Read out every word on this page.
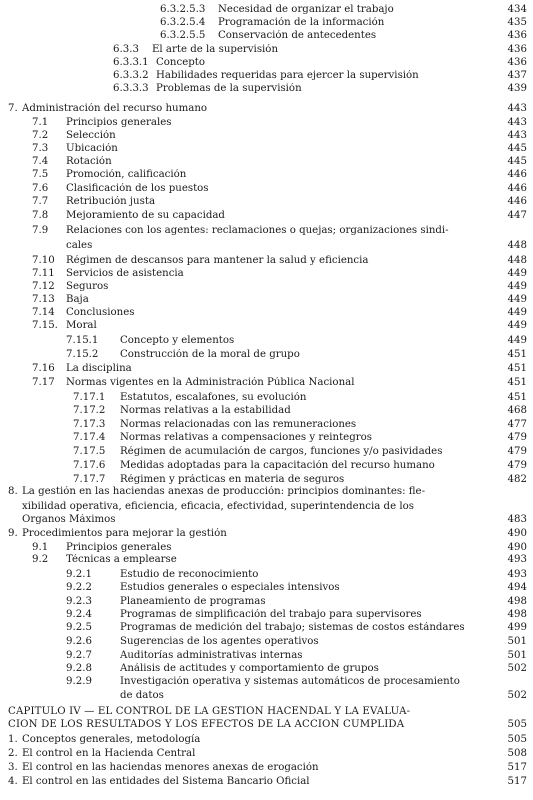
6.3.2.5.3 Necesidad de organizar el trabajo	434
6.3.2.5.4 Programación de la información	435
6.3.2.5.5 Conservación de antecedentes	436
6.3.3 El arte de la supervisión	436
6.3.3.1 Concepto	436
6.3.3.2 Habilidades requeridas para ejercer la supervisión	437
6.3.3.3 Problemas de la supervisión	439
7. Administración del recurso humano	443
7.1 Principios generales	443
7.2 Selección	443
7.3 Ubicación	445
7.4 Rotación	445
7.5 Promoción, calificación	446
7.6 Clasificación de los puestos	446
7.7 Retribución justa	446
7.8 Mejoramiento de su capacidad	447
7.9 Relaciones con los agentes: reclamaciones o quejas; organizaciones sindi-
cales	448
7.10 Régimen de descansos para mantener la salud y eficiencia	448
7.11 Servicios de asistencia	449
7.12 Seguros	449
7.13 Baja	449
7.14 Conclusiones	449
7.15. Moral	449
7.15.1 Concepto y elementos	449
7.15.2 Construcción de la moral de grupo	451
7.16 La disciplina	451
7.17 Normas vigentes en la Administración Pública Nacional	451
7.17.1 Estatutos, escalafones, su evolución	451
7.17.2 Normas relativas a la estabilidad	468
7.17.3 Normas relacionadas con las remuneraciones	477
7.17.4 Normas relativas a compensaciones y reintegros	479
7.17.5 Régimen de acumulación de cargos, funciones y/o pasividades	479
7.17.6 Medidas adoptadas para la capacitación del recurso humano	479
7.17.7 Régimen y prácticas en materia de seguros	482
8. La gestión en las haciendas anexas de producción: principios dominantes: fle-
xibilidad operativa, eficiencia, eficacia, efectividad, superintendencia de los
Organos Máximos	483
9. Procedimientos para mejorar la gestión	490
9.1 Principios generales	490
9.2 Técnicas a emplearse	493
9.2.1	Estudio de reconocimiento	493
9.2.2	Estudios generales o especiales intensivos	494
9.2.3	Planeamiento de programas	498
9.2.4	Programas de simplificación del trabajo para supervisores	498
9.2.5	Programas de medición del trabajo; sistemas de costos estándares	499
9.2.6	Sugerencias de los agentes operativos	501
9.2.7	Auditorías administrativas internas	501
9.2.8	Análisis de actitudes y comportamiento de grupos	502
9.2.9	Investigación operativa y sistemas automáticos de procesamiento
de datos	502
CAPITULO IV — EL CONTROL DE LA GESTION HACENDAL Y LA EVALUA-
CION DE LOS RESULTADOS Y LOS EFECTOS DE LA ACCION CUMPLIDA	505
1. Conceptos generales, metodología	505
2. El control en la Hacienda Central	508
3. El control en las haciendas menores anexas de erogación	517
4. El control en las entidades del Sistema Bancario Oficial	517
